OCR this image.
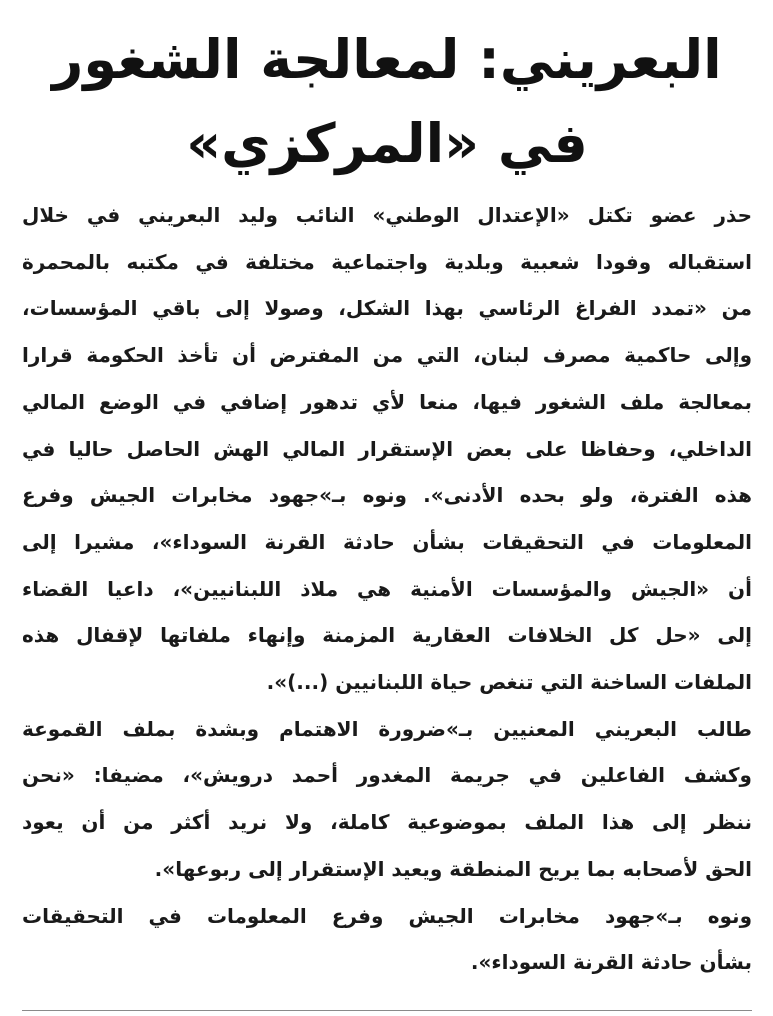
البعريني: لمعالجة الشغور
في «المركزي»

حذر عضو تكتل «الإعتدال الوطني» النائب وليد البعريني في خلال
استقباله وفودا شعبية وبلدية واجتماعية مختلفة في مكتبه بالمحمرة
من «تمدد الفراغ الرئاسي بهذا الشكل، وصولا إلى باقي المؤسسات،
وإلى حاكمية مصرف لبنان، التي من المفترض أن تأخذ الحكومة قرارا
بمعالجة ملف الشغور فيها، منعا لأي تدهور إضافي في الوضع المالي
الداخلي، وحفاظا على بعض الإستقرار المالي الهش الحاصل حاليا في
هذه الفترة، ولو بحده الأدنى». ونوه بـ»جهود مخابرات الجيش وفرع
المعلومات في التحقيقات بشأن حادثة القرنة السوداء»، مشيرا إلى
أن «الجيش والمؤسسات الأمنية هي ملاذ اللبنانيين»، داعيا القضاء
إلى «حل كل الخلافات العقارية المزمنة وإنهاء ملفاتها لإقفال هذه
الملفات الساخنة التي تنغص حياة اللبنانيين (...)».

طالب البعريني المعنيين بـ»ضرورة الاهتمام وبشدة بملف القموعة
وكشف الفاعلين في جريمة المغدور أحمد درويش»، مضيفا: «نحن
ننظر إلى هذا الملف بموضوعية كاملة، ولا نريد أكثر من أن يعود
الحق لأصحابه بما يريح المنطقة ويعيد الإستقرار إلى ربوعها».

ونوه بـ»جهود مخابرات الجيش وفرع المعلومات في التحقيقات
بشأن حادثة القرنة السوداء».
